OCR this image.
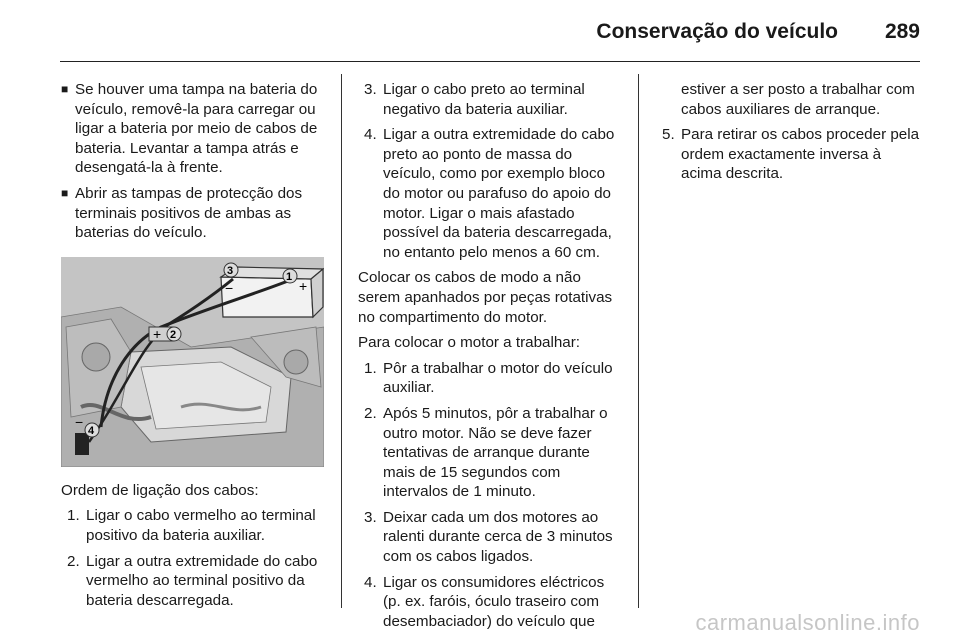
Conservação do veículo 289
■ Se houver uma tampa na bateria do veículo, removê-la para carregar ou ligar a bateria por meio de cabos de bateria. Levantar a tampa atrás e desengatá-la à frente.
■ Abrir as tampas de protecção dos terminais positivos de ambas as baterias do veículo.
3	1
+
−
2
+
4
−
Ordem de ligação dos cabos:
1. Ligar o cabo vermelho ao terminal positivo da bateria auxiliar.
2. Ligar a outra extremidade do cabo vermelho ao terminal positivo da bateria descarregada.
3. Ligar o cabo preto ao terminal negativo da bateria auxiliar.
4. Ligar a outra extremidade do cabo preto ao ponto de massa do veículo, como por exemplo bloco do motor ou parafuso do apoio do motor. Ligar o mais afastado possível da bateria descarregada, no entanto pelo menos a 60 cm.
Colocar os cabos de modo a não serem apanhados por peças rotativas no compartimento do motor.
Para colocar o motor a trabalhar:
1. Pôr a trabalhar o motor do veículo auxiliar.
2. Após 5 minutos, pôr a trabalhar o outro motor. Não se deve fazer tentativas de arranque durante mais de 15 segundos com intervalos de 1 minuto.
3. Deixar cada um dos motores ao ralenti durante cerca de 3 minutos com os cabos ligados.
4. Ligar os consumidores eléctricos (p. ex. faróis, óculo traseiro com desembaciador) do veículo que
estiver a ser posto a trabalhar com cabos auxiliares de arranque.
5. Para retirar os cabos proceder pela ordem exactamente inversa à acima descrita.
carmanualsonline.info
